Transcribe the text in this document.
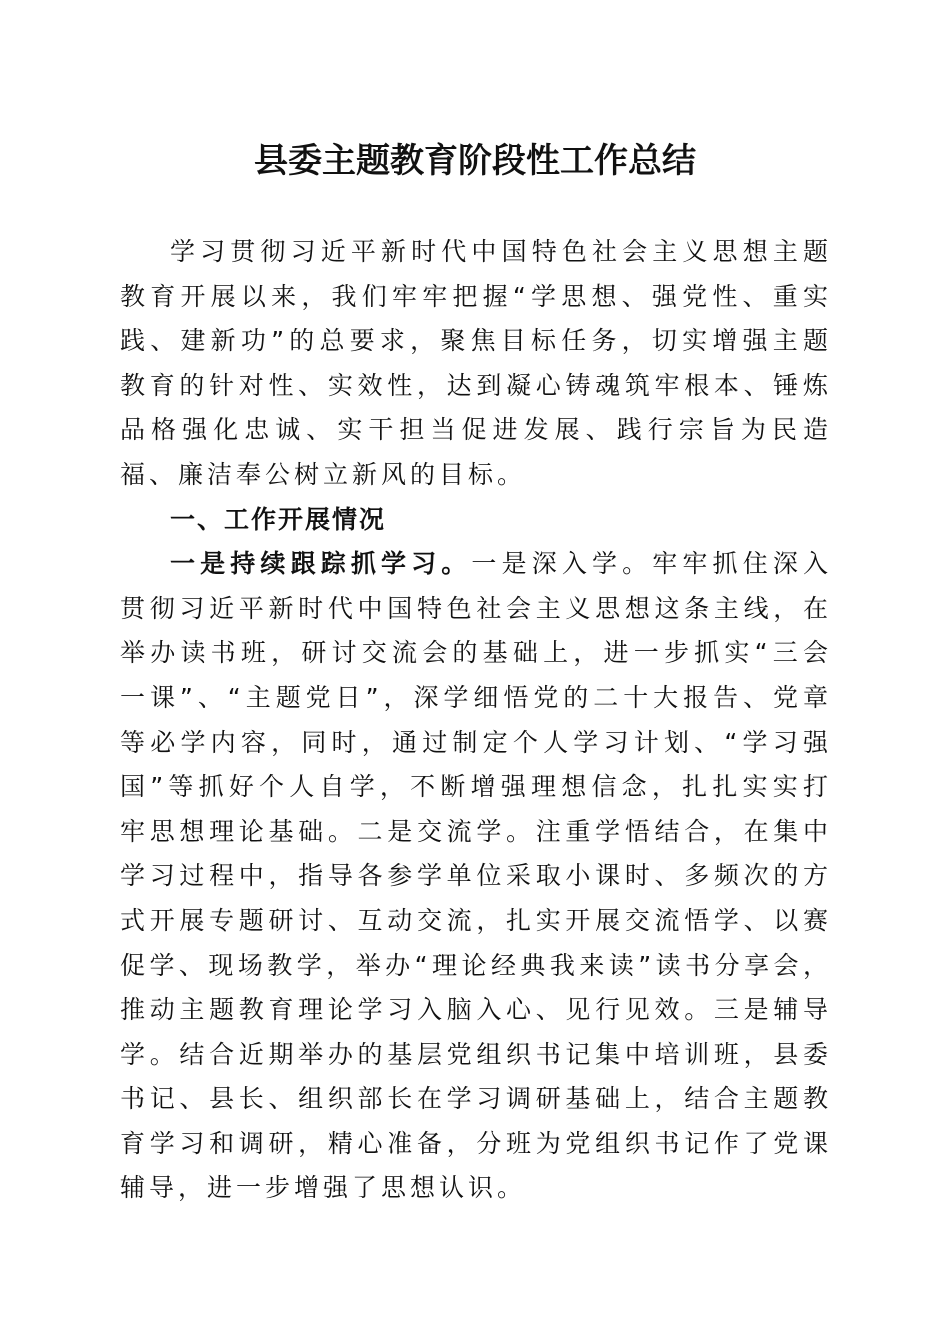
县委主题教育阶段性工作总结

学习贯彻习近平新时代中国特色社会主义思想主题教育开展以来，我们牢牢把握“学思想、强党性、重实践、建新功”的总要求，聚焦目标任务，切实增强主题教育的针对性、实效性，达到凝心铸魂筑牢根本、锤炼品格强化忠诚、实干担当促进发展、践行宗旨为民造福、廉洁奉公树立新风的目标。

一、工作开展情况

一是持续跟踪抓学习。一是深入学。牢牢抓住深入贯彻习近平新时代中国特色社会主义思想这条主线，在举办读书班，研讨交流会的基础上，进一步抓实“三会一课”、“主题党日”，深学细悟党的二十大报告、党章等必学内容，同时，通过制定个人学习计划、“学习强国”等抓好个人自学，不断增强理想信念，扎扎实实打牢思想理论基础。二是交流学。注重学悟结合，在集中学习过程中，指导各参学单位采取小课时、多频次的方式开展专题研讨、互动交流，扎实开展交流悟学、以赛促学、现场教学，举办“理论经典我来读”读书分享会，推动主题教育理论学习入脑入心、见行见效。三是辅导学。结合近期举办的基层党组织书记集中培训班，县委书记、县长、组织部长在学习调研基础上，结合主题教育学习和调研，精心准备，分班为党组织书记作了党课辅导，进一步增强了思想认识。
